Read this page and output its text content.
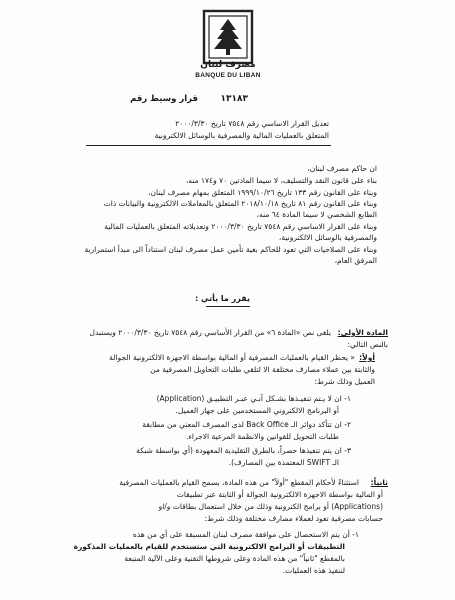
مصرف لبنان
BANQUE DU LIBAN
قرار وسيط رقم	١٣١٨٣
تعديل القرار الاساسي رقم ٧٥٤٨ تاريخ ٢٠٠٠/٣/٣٠
المتعلق بالعمليات المالية والمصرفية بالوسائل الالكترونية
ان حاكم مصرف لبنان،
بناء على قانون النقد والتسليف، لا سيما المادتين ٧٠ و١٧٤ منه،
وبناء على القانون رقم ١٣٣ تاريخ ١٩٩٩/١٠/٢٦ المتعلق بمهام مصرف لبنان،
وبناء على القانون رقم ٨١ تاريخ ٢٠١٨/١٠/١٨ المتعلق بالمعاملات الالكترونية والبيانات ذات
الطابع الشخصي لا سيما المادة ٦٤ منه،
وبناء على القرار الاساسي رقم ٧٥٤٨ تاريخ ٢٠٠٠/٣/٣٠ وتعديلاته المتعلق بالعمليات المالية
والمصرفية بالوسائل الالكترونية،
وبناء على الصلاحيات التي تعود للحاكم بغية تأمين عمل مصرف لبنان استناداً الى مبدأ استمرارية
المرفق العام،
يقرر ما يأتي :
المادة الأولى:
يلغى نص «المادة ٦» من القرار الأساسي رقم ٧٥٤٨ تاريخ ٢٠٠٠/٣/٣٠ ويستبدل
بالنص التالي:
أولاً:
« يحظر القيام بالعمليات المصرفية أو المالية بواسطة الاجهزة الالكترونية الجوالة
والثابتة بين عملاء مصارف مختلفة الا لتلقي طلبات التحاويل المصرفية من
العميل وذلك شرط:
١- ان لا يـتم تنفيـذها بشـكل آنـي عبـر التطبيـق (Application)
أو البرنامج الالكتروني المستخدمين على جهاز العميل.
٢- ان تتأكد دوائر الـ Back Office لدى المصرف المعني من مطابقة
طلبات التحويل للقوانين والانظمة المرعية الاجراء.
٣- ان يتم تنفيذها حصراً، بالطرق التقليدية المعهودة (أي بواسطة شبكة
الـ SWIFT المعتمدة بين المصارف).
ثانياً:
استثناءً لأحكام المقطع "أولاً" من هذه المادة، يسمح القيام بالعمليات المصرفية
أو المالية بواسطة الاجهزة الالكترونية الجوالة أو الثابتة عبر تطبيقات
(Applications) أو برامج الكترونية وذلك من خلال استعمال بطاقات و/او
حسابات مصرفية تعود لعملاء مصارف مختلفة وذلك شرط:
١- أن يتم الاستحصال على موافقة مصرف لبنان المسبقة على أي من هذه
التطبيقات أو البرامج الالكترونية التي ستستخدم للقيام بالعمليات المذكورة
بالمقطع "ثانياً" من هذه المادة وعلى شروطها التقنية وعلى الآلية المتبعة
لتنفيذ هذه العمليات.
